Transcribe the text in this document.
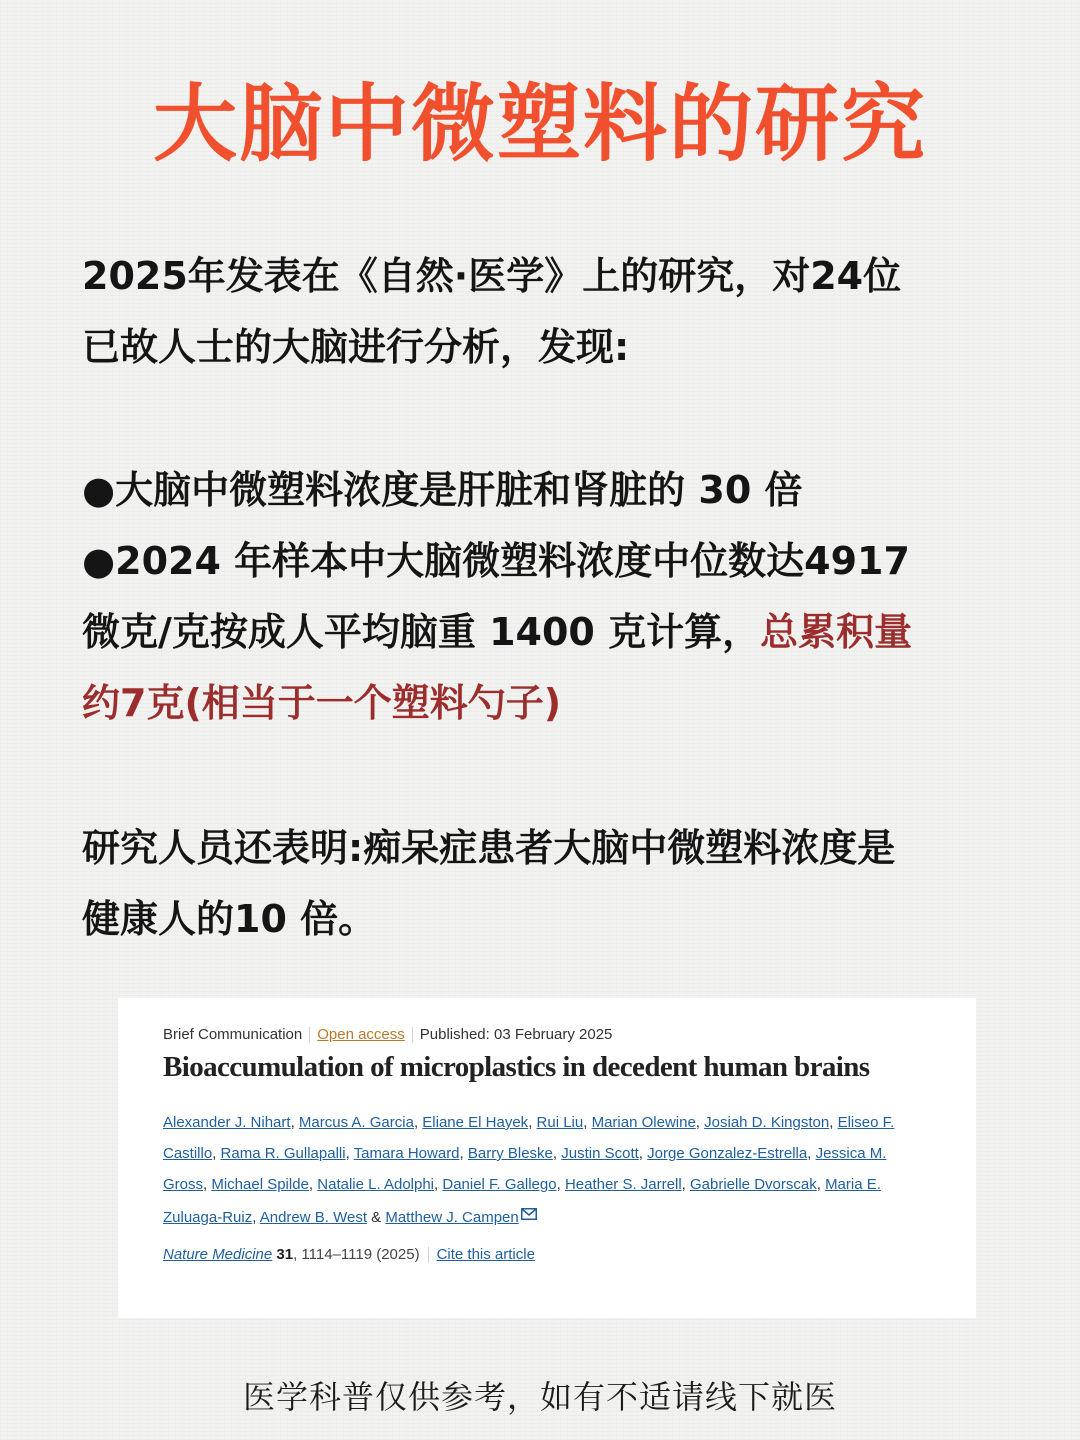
大脑中微塑料的研究
2025年发表在《自然·医学》上的研究，对24位
已故人士的大脑进行分析，发现:
●大脑中微塑料浓度是肝脏和肾脏的 30 倍
●2024 年样本中大脑微塑料浓度中位数达4917
微克/克按成人平均脑重 1400 克计算，总累积量
约7克(相当于一个塑料勺子)
研究人员还表明:痴呆症患者大脑中微塑料浓度是
健康人的10 倍。
Brief Communication Open access Published: 03 February 2025
Bioaccumulation of microplastics in decedent human brains
Alexander J. Nihart, Marcus A. Garcia, Eliane El Hayek, Rui Liu, Marian Olewine, Josiah D. Kingston, Eliseo F. Castillo, Rama R. Gullapalli, Tamara Howard, Barry Bleske, Justin Scott, Jorge Gonzalez-Estrella, Jessica M. Gross, Michael Spilde, Natalie L. Adolphi, Daniel F. Gallego, Heather S. Jarrell, Gabrielle Dvorscak, Maria E. Zuluaga-Ruiz, Andrew B. West & Matthew J. Campen
Nature Medicine 31, 1114–1119 (2025) Cite this article
医学科普仅供参考，如有不适请线下就医
